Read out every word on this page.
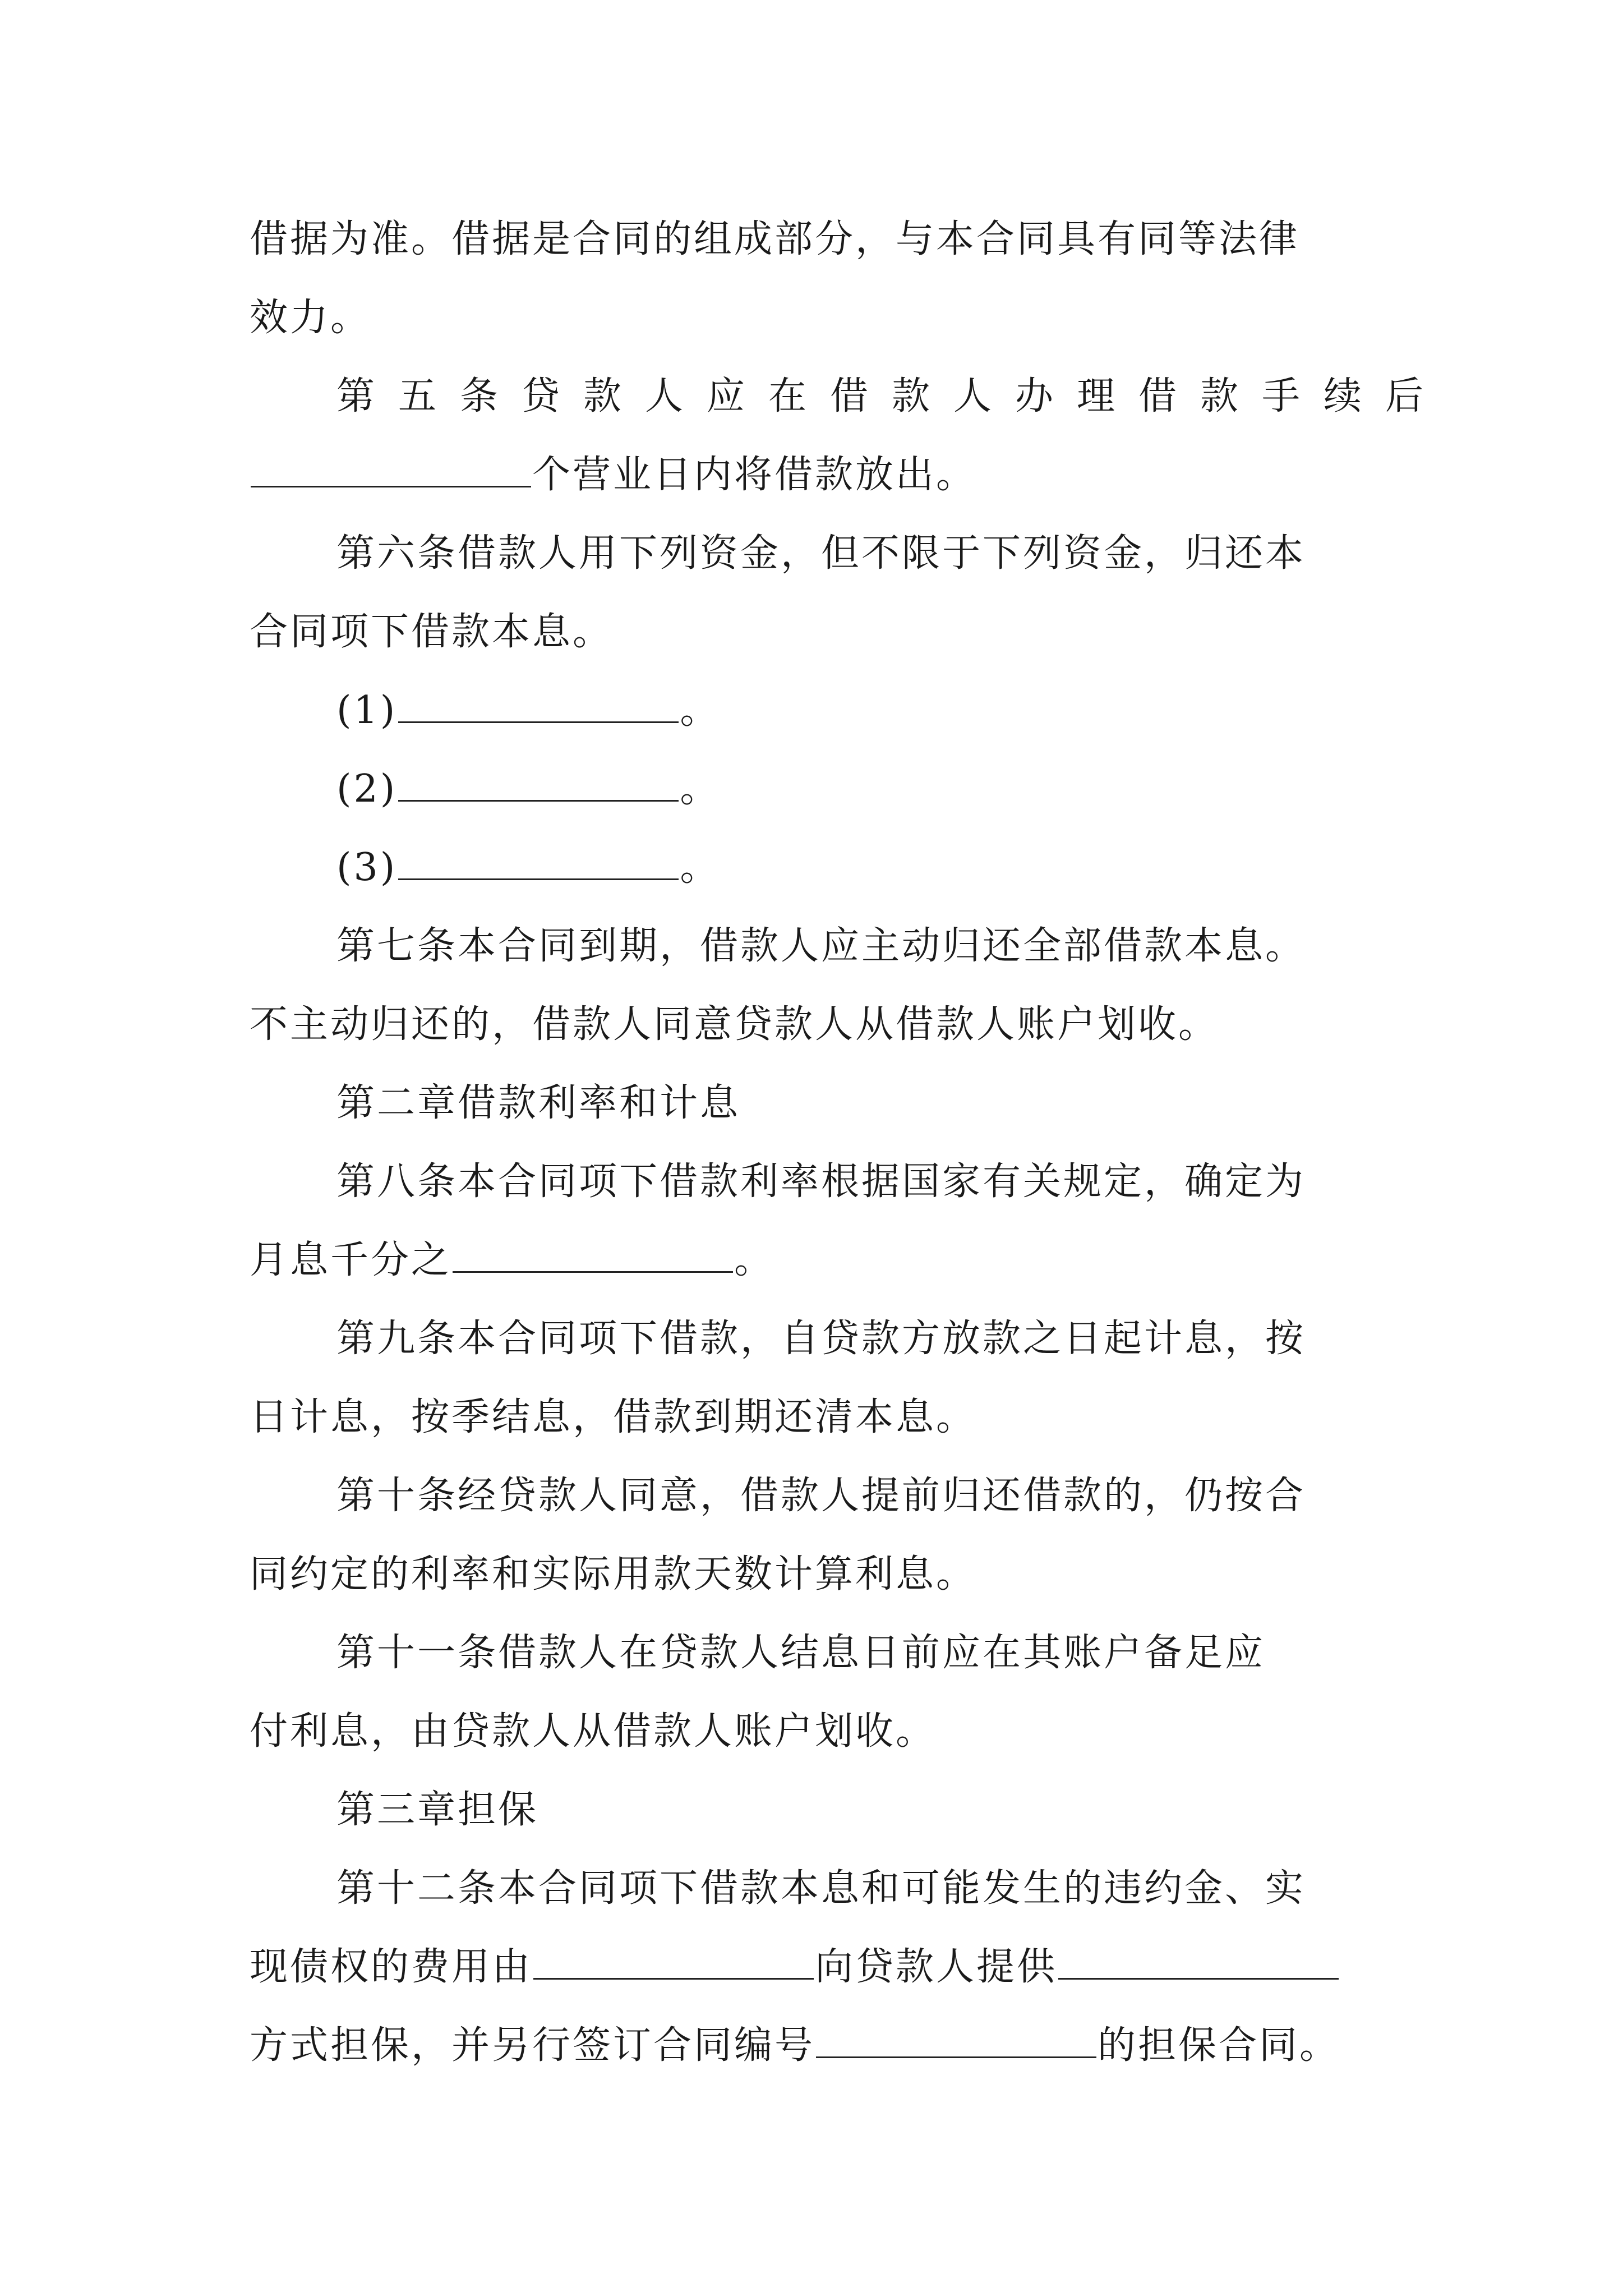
借据为准。借据是合同的组成部分，与本合同具有同等法律
效力。
第五条贷款人应在借款人办理借款手续后
个营业日内将借款放出。
第六条借款人用下列资金，但不限于下列资金，归还本
合同项下借款本息。
(1)	。
(2)	。
(3)	。
第七条本合同到期，借款人应主动归还全部借款本息。
不主动归还的，借款人同意贷款人从借款人账户划收。
第二章借款利率和计息
第八条本合同项下借款利率根据国家有关规定，确定为
月息千分之	。
第九条本合同项下借款，自贷款方放款之日起计息，按
日计息，按季结息，借款到期还清本息。
第十条经贷款人同意，借款人提前归还借款的，仍按合
同约定的利率和实际用款天数计算利息。
第十一条借款人在贷款人结息日前应在其账户备足应
付利息，由贷款人从借款人账户划收。
第三章担保
第十二条本合同项下借款本息和可能发生的违约金、实
现债权的费用由	向贷款人提供
方式担保，并另行签订合同编号	的担保合同。
